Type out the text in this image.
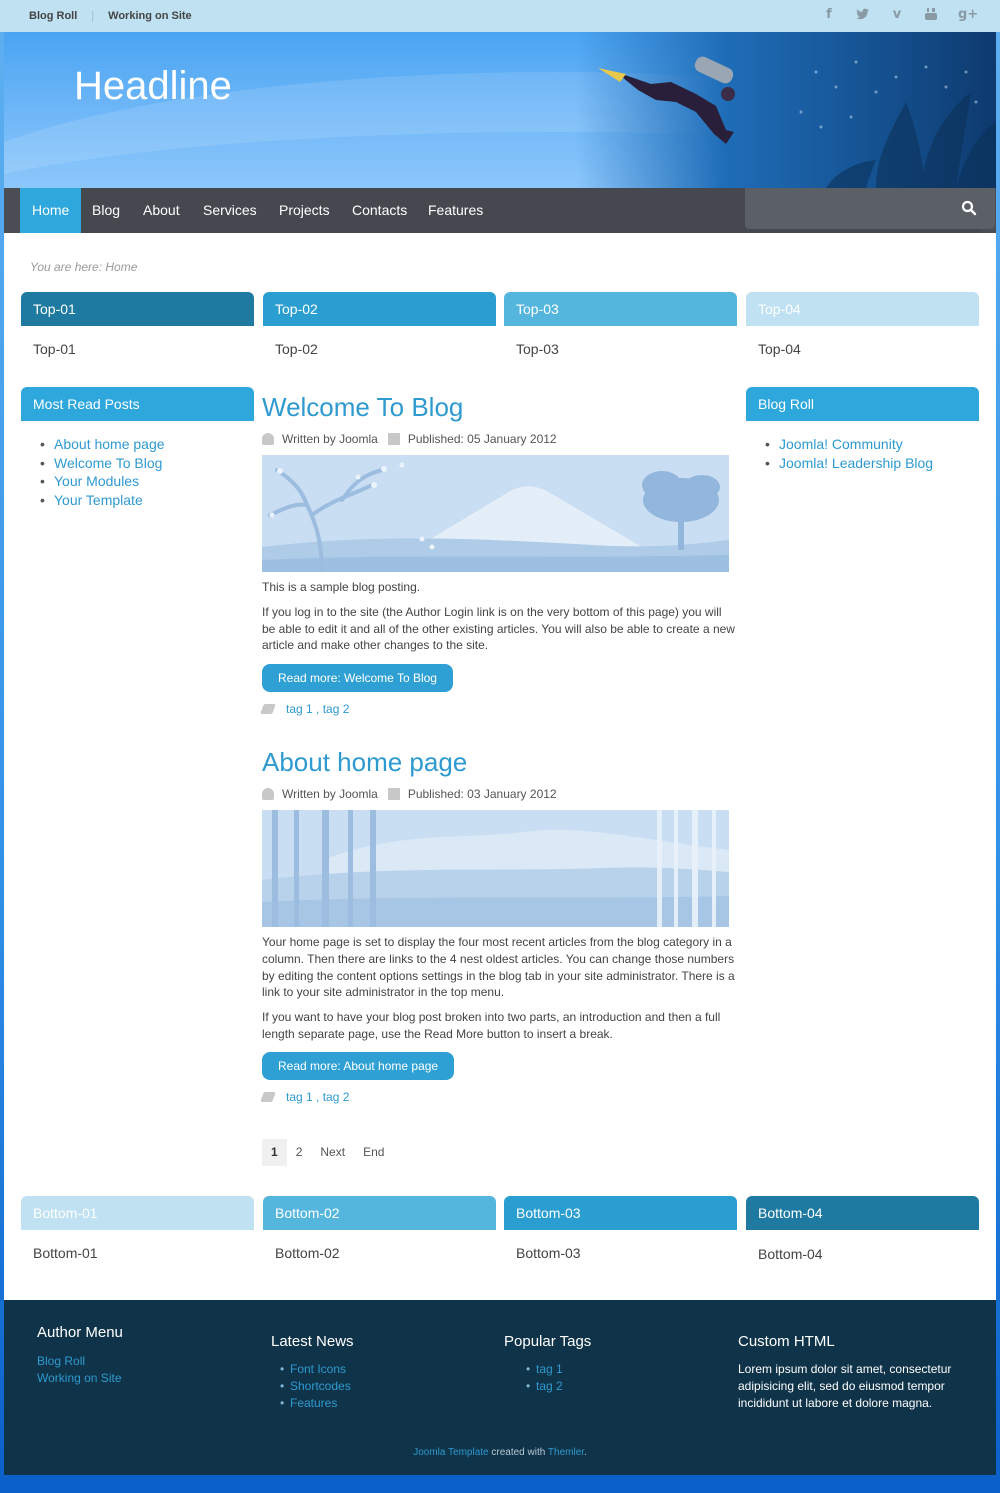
Blog Roll | Working on Site	f	v	g+
Headline
Home	Blog	About	Services	Projects	Contacts	Features
You are here: Home
Top-01	Top-02	Top-03	Top-04
Top-01	Top-02	Top-03	Top-04
Most Read Posts
• About home page
• Welcome To Blog
• Your Modules
• Your Template
Blog Roll
• Joomla! Community
• Joomla! Leadership Blog
Welcome To Blog
Written by Joomla	Published: 05 January 2012

This is a sample blog posting.

If you log in to the site (the Author Login link is on the very bottom of this page) you will be able to edit it and all of the other existing articles. You will also be able to create a new article and make other changes to the site.

Read more: Welcome To Blog
tag 1 , tag 2
About home page
Written by Joomla	Published: 03 January 2012

Your home page is set to display the four most recent articles from the blog category in a column. Then there are links to the 4 nest oldest articles. You can change those numbers by editing the content options settings in the blog tab in your site administrator. There is a link to your site administrator in the top menu.

If you want to have your blog post broken into two parts, an introduction and then a full length separate page, use the Read More button to insert a break.

Read more: About home page
tag 1 , tag 2
1	2	Next	End
Bottom-01	Bottom-02	Bottom-03	Bottom-04
Bottom-01	Bottom-02	Bottom-03	Bottom-04
Author Menu
Blog Roll
Working on Site
Latest News
• Font Icons
• Shortcodes
• Features
Popular Tags
• tag 1
• tag 2
Custom HTML
Lorem ipsum dolor sit amet, consectetur adipisicing elit, sed do eiusmod tempor incididunt ut labore et dolore magna.
Joomla Template created with Themler.
